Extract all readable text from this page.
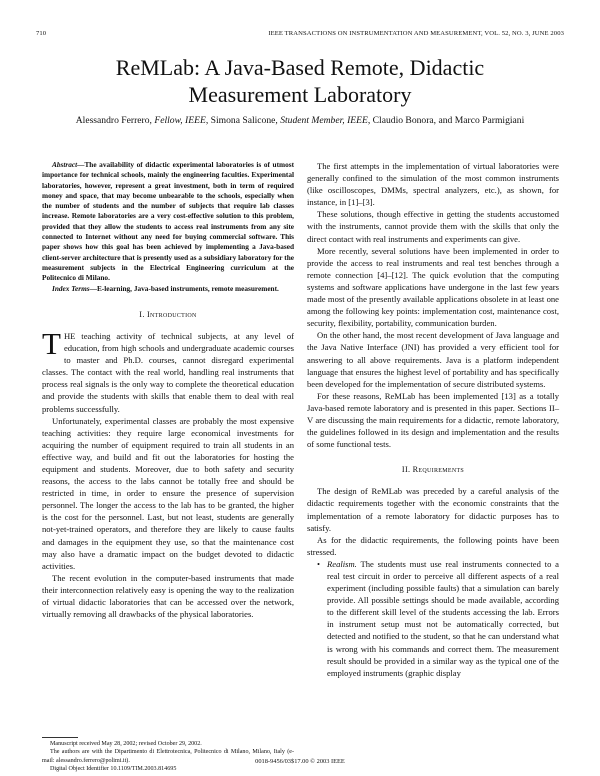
710	IEEE TRANSACTIONS ON INSTRUMENTATION AND MEASUREMENT, VOL. 52, NO. 3, JUNE 2003
ReMLab: A Java-Based Remote, Didactic
Measurement Laboratory
Alessandro Ferrero, Fellow, IEEE, Simona Salicone, Student Member, IEEE, Claudio Bonora, and Marco Parmigiani

Abstract—The availability of didactic experimental laboratories is of utmost importance for technical schools, mainly the engineering faculties. Experimental laboratories, however, represent a great investment, both in term of required money and space, that may become unbearable to the schools, especially when the number of students and the number of subjects that require lab classes increase. Remote laboratories are a very cost-effective solution to this problem, provided that they allow the students to access real instruments from any site connected to Internet without any need for buying commercial software. This paper shows how this goal has been achieved by implementing a Java-based client-server architecture that is presently used as a subsidiary laboratory for the measurement subjects in the Electrical Engineering curriculum at the Politecnico di Milano.

Index Terms—E-learning, Java-based instruments, remote measurement.

I. Introduction

THE teaching activity of technical subjects, at any level of education, from high schools and undergraduate academic courses to master and Ph.D. courses, cannot disregard experimental classes. The contact with the real world, handling real instruments that process real signals is the only way to complete the theoretical education and provide the students with skills that enable them to deal with real problems successfully.

Unfortunately, experimental classes are probably the most expensive teaching activities: they require large economical investments for acquiring the number of equipment required to train all students in an effective way, and build and fit out the laboratories for hosting the equipment and students. Moreover, due to both safety and security reasons, the access to the labs cannot be totally free and should be restricted in time, in order to ensure the presence of supervision personnel. The longer the access to the lab has to be granted, the higher is the cost for the personnel. Last, but not least, students are generally not-yet-trained operators, and therefore they are likely to cause faults and damages in the equipment they use, so that the maintenance cost may also have a dramatic impact on the budget devoted to didactic activities.

The recent evolution in the computer-based instruments that made their interconnection relatively easy is opening the way to the realization of virtual didactic laboratories that can be accessed over the network, virtually removing all drawbacks of the physical laboratories.

The first attempts in the implementation of virtual laboratories were generally confined to the simulation of the most common instruments (like oscilloscopes, DMMs, spectral analyzers, etc.), as shown, for instance, in [1]–[3].

These solutions, though effective in getting the students accustomed with the instruments, cannot provide them with the skills that only the direct contact with real instruments and experiments can give.

More recently, several solutions have been implemented in order to provide the access to real instruments and real test benches through a remote connection [4]–[12]. The quick evolution that the computing systems and software applications have undergone in the last few years made most of the presently available applications obsolete in at least one among the following key points: implementation cost, maintenance cost, security, flexibility, portability, communication burden.

On the other hand, the most recent development of Java language and the Java Native Interface (JNI) has provided a very efficient tool for answering to all above requirements. Java is a platform independent language that ensures the highest level of portability and has specifically been developed for the implementation of secure distributed systems.

For these reasons, ReMLab has been implemented [13] as a totally Java-based remote laboratory and is presented in this paper. Sections II–V are discussing the main requirements for a didactic, remote laboratory, the guidelines followed in its design and implementation and the results of some functional tests.

II. Requirements

The design of ReMLab was preceded by a careful analysis of the didactic requirements together with the economic constraints that the implementation of a remote laboratory for didactic purposes has to satisfy.

As for the didactic requirements, the following points have been stressed.

• Realism. The students must use real instruments connected to a real test circuit in order to perceive all different aspects of a real experiment (including possible faults) that a simulation can barely provide. All possible settings should be made available, according to the different skill level of the students accessing the lab. Errors in instrument setup must not be automatically corrected, but detected and notified to the student, so that he can understand what is wrong with his commands and correct them. The measurement result should be provided in a similar way as the typical one of the employed instruments (graphic display

Manuscript received May 28, 2002; revised October 29, 2002.

The authors are with the Dipartimento di Elettrotecnica, Politecnico di Milano, Milano, Italy (e-mail: alessandro.ferrero@polimi.it).

Digital Object Identifier 10.1109/TIM.2003.814695

0018-9456/03$17.00 © 2003 IEEE
